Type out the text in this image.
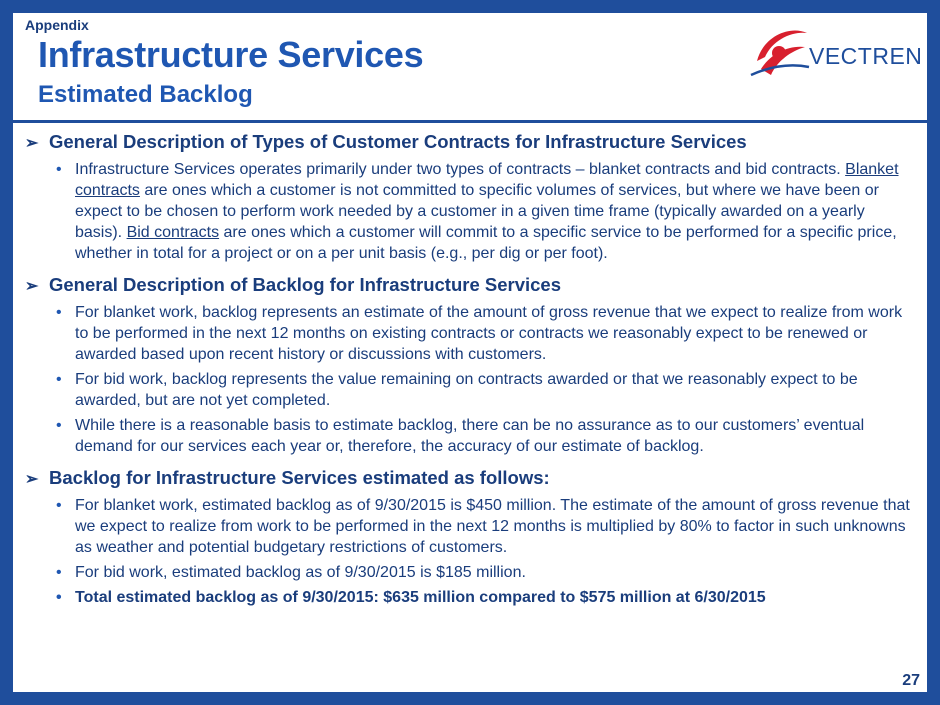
Appendix
Infrastructure Services
Estimated Backlog
VECTREN
➢ General Description of Types of Customer Contracts for Infrastructure Services
• Infrastructure Services operates primarily under two types of contracts – blanket contracts and bid contracts. Blanket contracts are ones which a customer is not committed to specific volumes of services, but where we have been or expect to be chosen to perform work needed by a customer in a given time frame (typically awarded on a yearly basis). Bid contracts are ones which a customer will commit to a specific service to be performed for a specific price, whether in total for a project or on a per unit basis (e.g., per dig or per foot).
➢ General Description of Backlog for Infrastructure Services
• For blanket work, backlog represents an estimate of the amount of gross revenue that we expect to realize from work to be performed in the next 12 months on existing contracts or contracts we reasonably expect to be renewed or awarded based upon recent history or discussions with customers.
• For bid work, backlog represents the value remaining on contracts awarded or that we reasonably expect to be awarded, but are not yet completed.
• While there is a reasonable basis to estimate backlog, there can be no assurance as to our customers’ eventual demand for our services each year or, therefore, the accuracy of our estimate of backlog.
➢ Backlog for Infrastructure Services estimated as follows:
• For blanket work, estimated backlog as of 9/30/2015 is $450 million. The estimate of the amount of gross revenue that we expect to realize from work to be performed in the next 12 months is multiplied by 80% to factor in such unknowns as weather and potential budgetary restrictions of customers.
• For bid work, estimated backlog as of 9/30/2015 is $185 million.
• Total estimated backlog as of 9/30/2015: $635 million compared to $575 million at 6/30/2015
27
